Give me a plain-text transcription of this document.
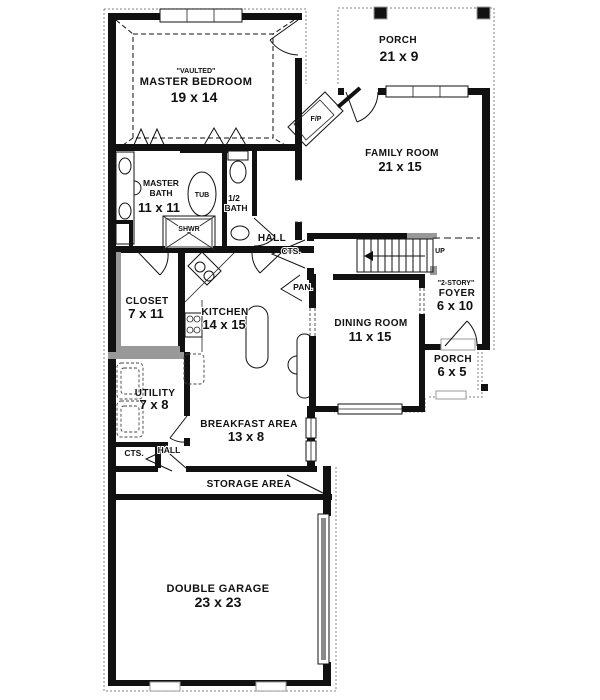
"VAULTED"
MASTER BEDROOM
19 x 14
PORCH
21 x 9
FAMILY ROOM
21 x 15
MASTER
BATH
11 x 11
TUB 1/2
BATH
SHWR
L	HALL
CTS.	UP
PAN.
F/P
"2-STORY"
FOYER
6 x 10
DINING ROOM
11 x 15
PORCH
6 x 5
CLOSET
7 x 11	KITCHEN
14 x 15
UTILITY
7 x 8
CTS. HALL
BREAKFAST AREA
13 x 8
STORAGE AREA
DOUBLE GARAGE
23 x 23
